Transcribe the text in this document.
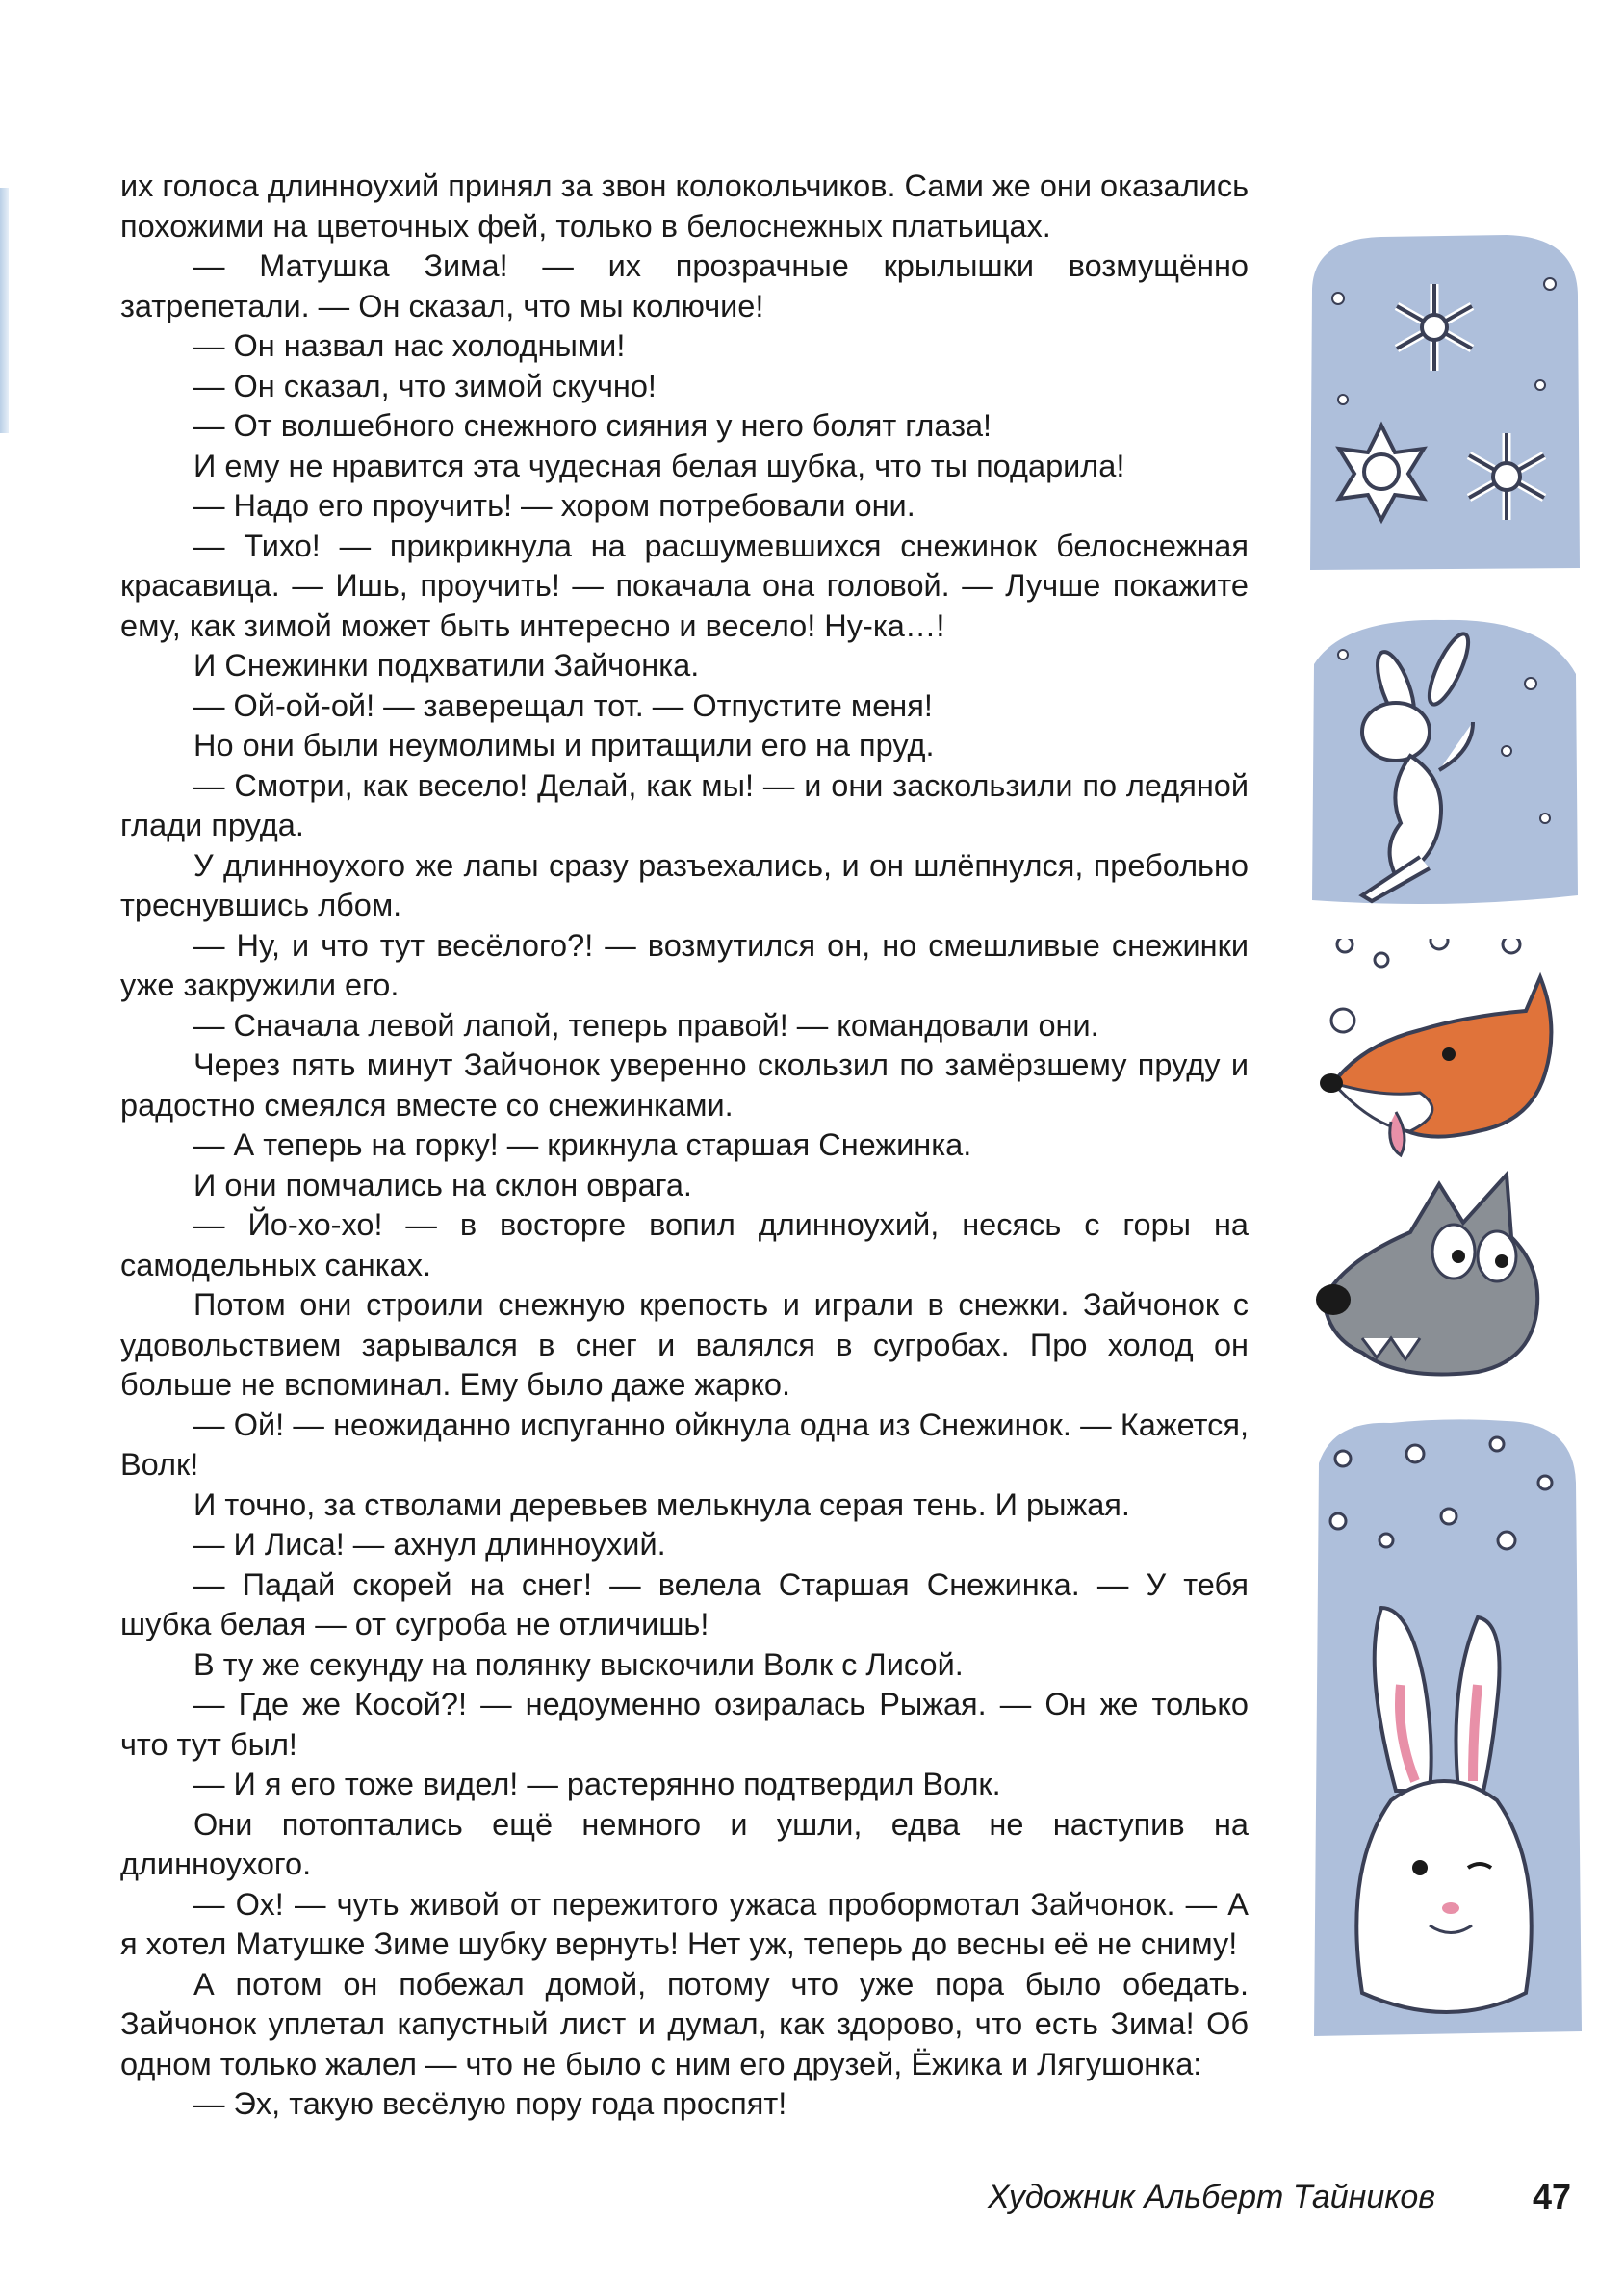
их голоса длинноухий принял за звон колокольчиков. Сами же они оказались похожими на цветочных фей, только в белоснежных платьицах.

— Матушка Зима! — их прозрачные крылышки возмущённо затрепетали. — Он сказал, что мы колючие!

— Он назвал нас холодными!

— Он сказал, что зимой скучно!

— От волшебного снежного сияния у него болят глаза!

И ему не нравится эта чудесная белая шубка, что ты подарила!

— Надо его проучить! — хором потребовали они.

— Тихо! — прикрикнула на расшумевшихся снежинок белоснежная красавица. — Ишь, проучить! — покачала она головой. — Лучше покажите ему, как зимой может быть интересно и весело! Ну-ка…!

И Снежинки подхватили Зайчонка.

— Ой-ой-ой! — заверещал тот. — Отпустите меня!

Но они были неумолимы и притащили его на пруд.

— Смотри, как весело! Делай, как мы! — и они заскользили по ледяной глади пруда.

У длинноухого же лапы сразу разъехались, и он шлёпнулся, пребольно треснувшись лбом.

— Ну, и что тут весёлого?! — возмутился он, но смешливые снежинки уже закружили его.

— Сначала левой лапой, теперь правой! — командовали они.

Через пять минут Зайчонок уверенно скользил по замёрзшему пруду и радостно смеялся вместе со снежинками.

— А теперь на горку! — крикнула старшая Снежинка.

И они помчались на склон оврага.

— Йо-хо-хо! — в восторге вопил длинноухий, несясь с горы на самодельных санках.

Потом они строили снежную крепость и играли в снежки. Зайчонок с удовольствием зарывался в снег и валялся в сугробах. Про холод он больше не вспоминал. Ему было даже жарко.

— Ой! — неожиданно испуганно ойкнула одна из Снежинок. — Кажется, Волк!

И точно, за стволами деревьев мелькнула серая тень. И рыжая.

— И Лиса! — ахнул длинноухий.

— Падай скорей на снег! — велела Старшая Снежинка. — У тебя шубка белая — от сугроба не отличишь!

В ту же секунду на полянку выскочили Волк с Лисой.

— Где же Косой?! — недоуменно озиралась Рыжая. — Он же только что тут был!

— И я его тоже видел! — растерянно подтвердил Волк.

Они потоптались ещё немного и ушли, едва не наступив на длинноухого.

— Ох! — чуть живой от пережитого ужаса пробормотал Зайчонок. — А я хотел Матушке Зиме шубку вернуть! Нет уж, теперь до весны её не сниму!

А потом он побежал домой, потому что уже пора было обедать. Зайчонок уплетал капустный лист и думал, как здорово, что есть Зима! Об одном только жалел — что не было с ним его друзей, Ёжика и Лягушонка:

— Эх, такую весёлую пору года проспят!

Художник Альберт Тайников	47
